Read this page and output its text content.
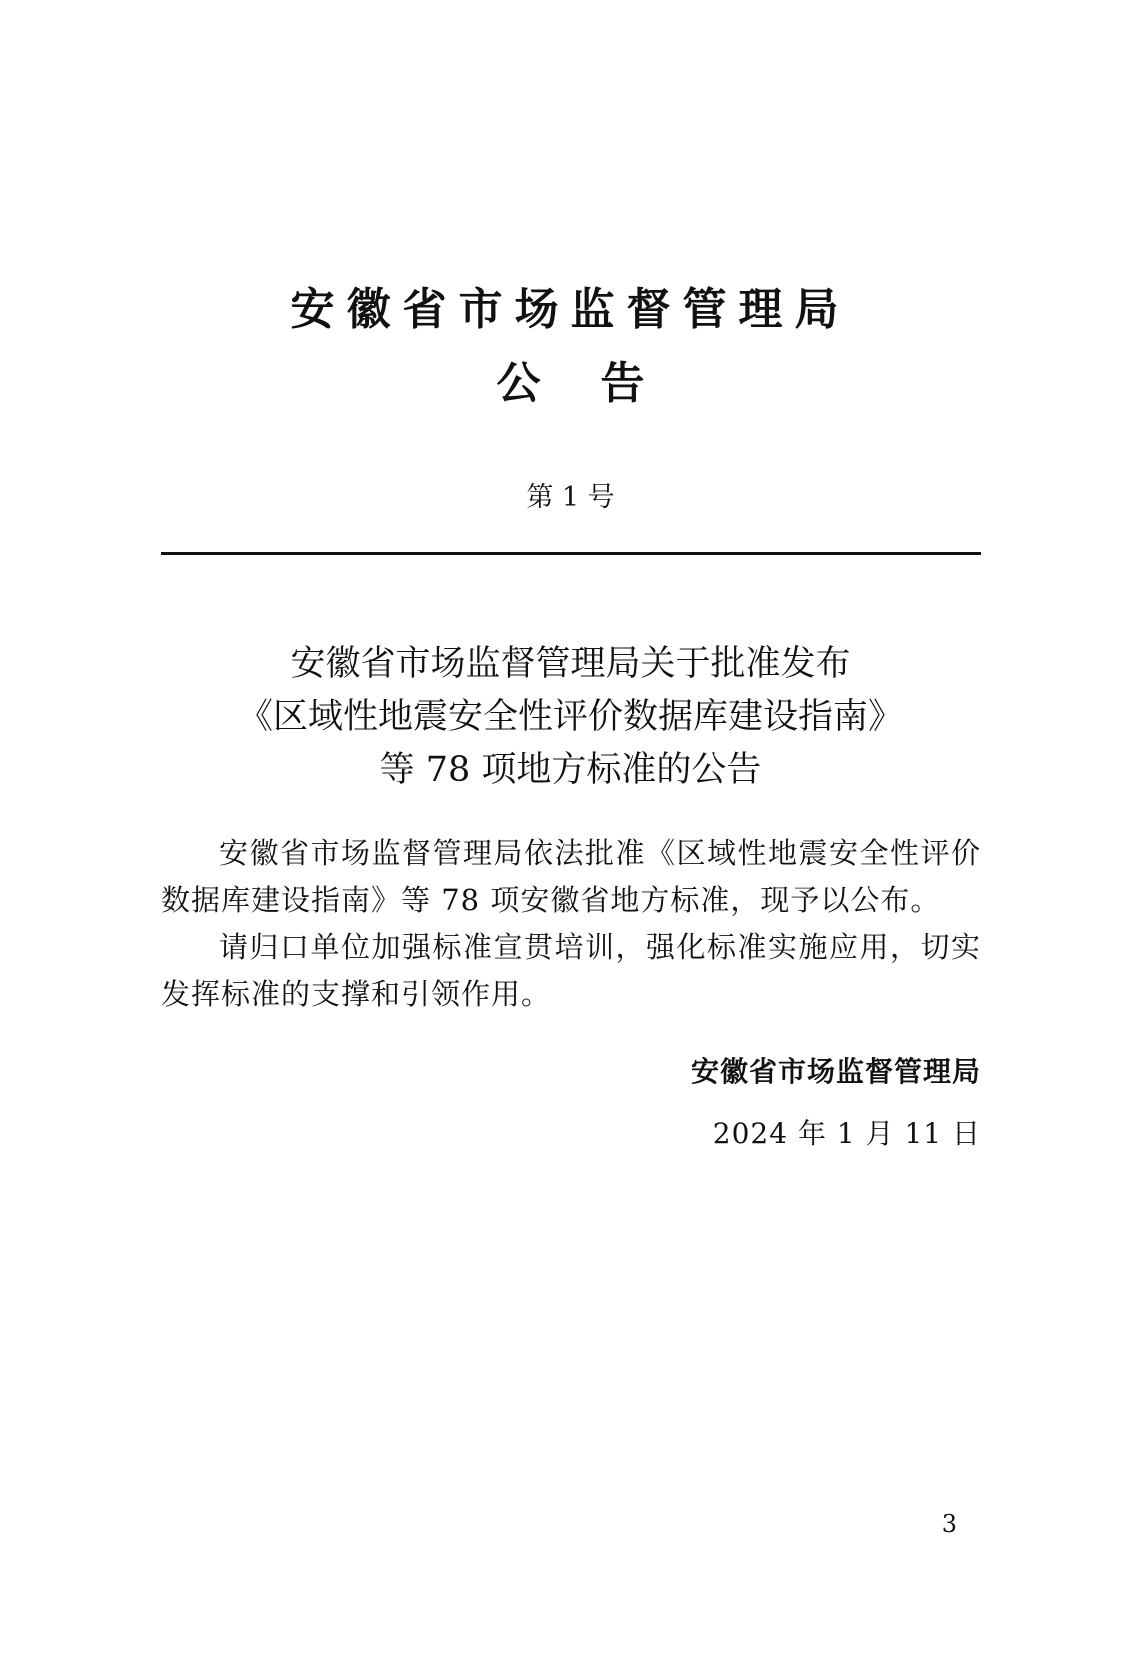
安徽省市场监督管理局
公告
第 1 号
安徽省市场监督管理局关于批准发布
《区域性地震安全性评价数据库建设指南》
等 78 项地方标准的公告

安徽省市场监督管理局依法批准《区域性地震安全性评价数据库建设指南》等 78 项安徽省地方标准，现予以公布。

请归口单位加强标准宣贯培训，强化标准实施应用，切实发挥标准的支撑和引领作用。

安徽省市场监督管理局
2024 年 1 月 11 日
3
